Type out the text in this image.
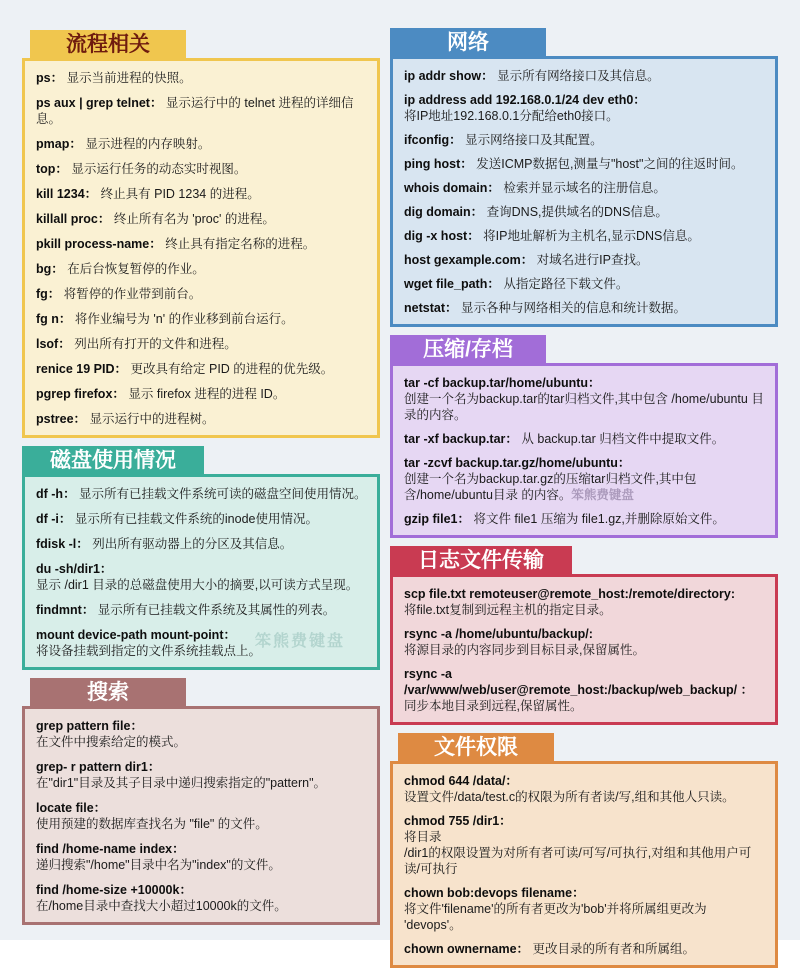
流程相关
ps： 显示当前进程的快照。
ps aux | grep telnet： 显示运行中的 telnet 进程的详细信息。
pmap： 显示进程的内存映射。
top： 显示运行任务的动态实时视图。
kill 1234： 终止具有 PID 1234 的进程。
killall proc： 终止所有名为 'proc' 的进程。
pkill process-name： 终止具有指定名称的进程。
bg： 在后台恢复暂停的作业。
fg： 将暂停的作业带到前台。
fg n： 将作业编号为 'n' 的作业移到前台运行。
lsof： 列出所有打开的文件和进程。
renice 19 PID： 更改具有给定 PID 的进程的优先级。
pgrep firefox： 显示 firefox 进程的进程 ID。
pstree： 显示运行中的进程树。
磁盘使用情况
df -h： 显示所有已挂载文件系统可读的磁盘空间使用情况。
df -i： 显示所有已挂载文件系统的inode使用情况。
fdisk -l： 列出所有驱动器上的分区及其信息。
du -sh/dir1：
显示 /dir1 目录的总磁盘使用大小的摘要,以可读方式呈现。
findmnt： 显示所有已挂载文件系统及其属性的列表。
mount device-path mount-point：
将设备挂载到指定的文件系统挂载点上。
笨熊费键盘
搜索
grep pattern file：
在文件中搜索给定的模式。
grep- r pattern dir1：
在"dir1"目录及其子目录中递归搜索指定的"pattern"。
locate file：
使用预建的数据库查找名为 "file" 的文件。
find /home-name index：
递归搜索"/home"目录中名为"index"的文件。
find /home-size +10000k：
在/home目录中查找大小超过10000k的文件。
网络
ip addr show： 显示所有网络接口及其信息。
ip address add 192.168.0.1/24 dev eth0：
将IP地址192.168.0.1分配给eth0接口。
ifconfig： 显示网络接口及其配置。
ping host： 发送ICMP数据包,测量与"host"之间的往返时间。
whois domain： 检索并显示域名的注册信息。
dig domain： 查询DNS,提供域名的DNS信息。
dig -x host： 将IP地址解析为主机名,显示DNS信息。
host gexample.com： 对域名进行IP查找。
wget file_path： 从指定路径下载文件。
netstat： 显示各种与网络相关的信息和统计数据。
压缩/存档
tar -cf backup.tar/home/ubuntu：
创建一个名为backup.tar的tar归档文件,其中包含 /home/ubuntu 目录的内容。
tar -xf backup.tar： 从 backup.tar 归档文件中提取文件。
tar -zcvf backup.tar.gz/home/ubuntu：
创建一个名为backup.tar.gz的压缩tar归档文件,其中包含/home/ubuntu目录 的内容。笨熊费键盘
gzip file1： 将文件 file1 压缩为 file1.gz,并删除原始文件。
日志文件传输
scp file.txt remoteuser@remote_host:/remote/directory:
将file.txt复制到远程主机的指定目录。
rsync -a /home/ubuntu/backup/:
将源目录的内容同步到目标目录,保留属性。
rsync -a /var/www/web/user@remote_host:/backup/web_backup/ ：
同步本地目录到远程,保留属性。
文件权限
chmod 644 /data/：
设置文件/data/test.c的权限为所有者读/写,组和其他人只读。
chmod 755 /dir1：
将目录
/dir1的权限设置为对所有者可读/可写/可执行,对组和其他用户可读/可执行
chown bob:devops filename：
将文件'filename'的所有者更改为'bob'并将所属组更改为 'devops'。
chown ownername： 更改目录的所有者和所属组。
